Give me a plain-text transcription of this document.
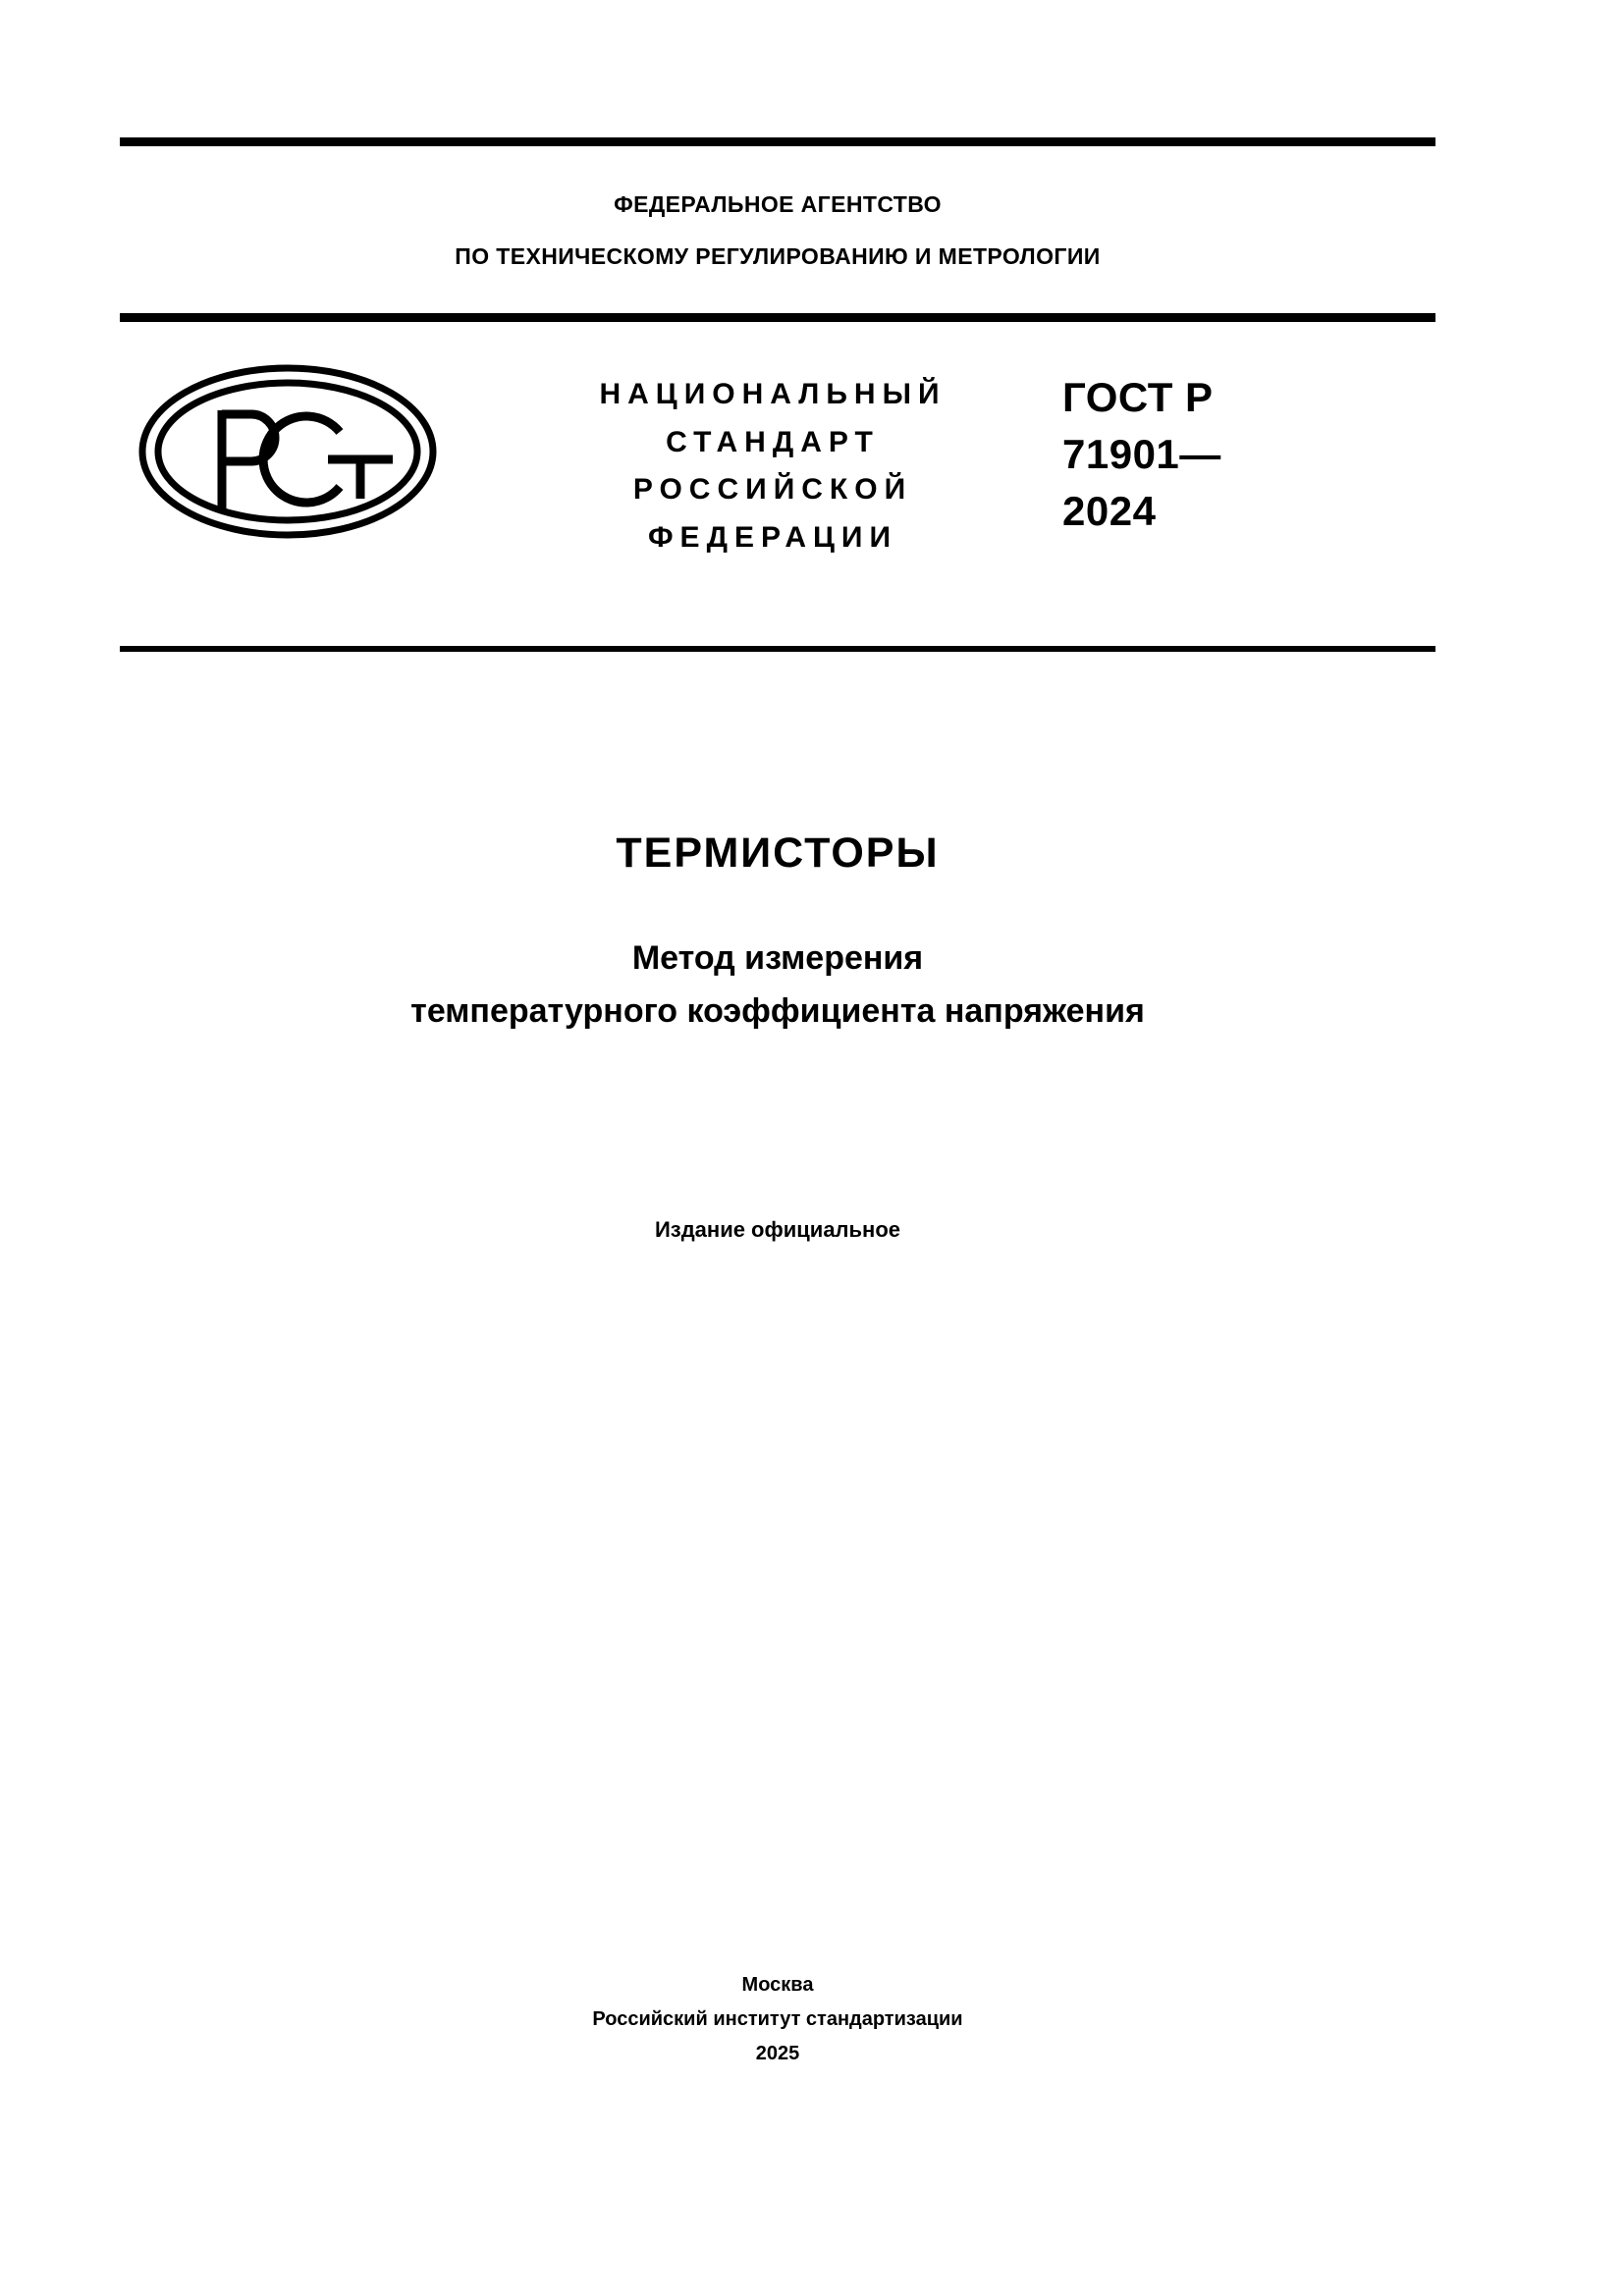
ФЕДЕРАЛЬНОЕ АГЕНТСТВО
ПО ТЕХНИЧЕСКОМУ РЕГУЛИРОВАНИЮ И МЕТРОЛОГИИ
НАЦИОНАЛЬНЫЙ
СТАНДАРТ
РОССИЙСКОЙ
ФЕДЕРАЦИИ
ГОСТ Р
71901—
2024
ТЕРМИСТОРЫ
Метод измерения
температурного коэффициента напряжения
Издание официальное
Москва
Российский институт стандартизации
2025
